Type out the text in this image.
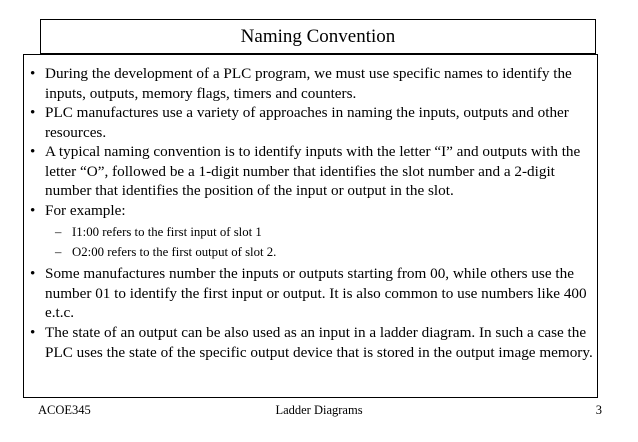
Naming Convention
• During the development of a PLC program, we must use specific names to identify the inputs, outputs, memory flags, timers and counters.
• PLC manufactures use a variety of approaches in naming the inputs, outputs and other resources.
• A typical naming convention is to identify inputs with the letter “I” and outputs with the letter “O”, followed be a 1-digit number that identifies the slot number and a 2-digit number that identifies the position of the input or output in the slot.
• For example:
– I1:00 refers to the first input of slot 1
– O2:00 refers to the first output of slot 2.
• Some manufactures number the inputs or outputs starting from 00, while others use the number 01 to identify the first input or output. It is also common to use numbers like 400 e.t.c.
• The state of an output can be also used as an input in a ladder diagram. In such a case the PLC uses the state of the specific output device that is stored in the output image memory.
ACOE345	Ladder Diagrams	3
